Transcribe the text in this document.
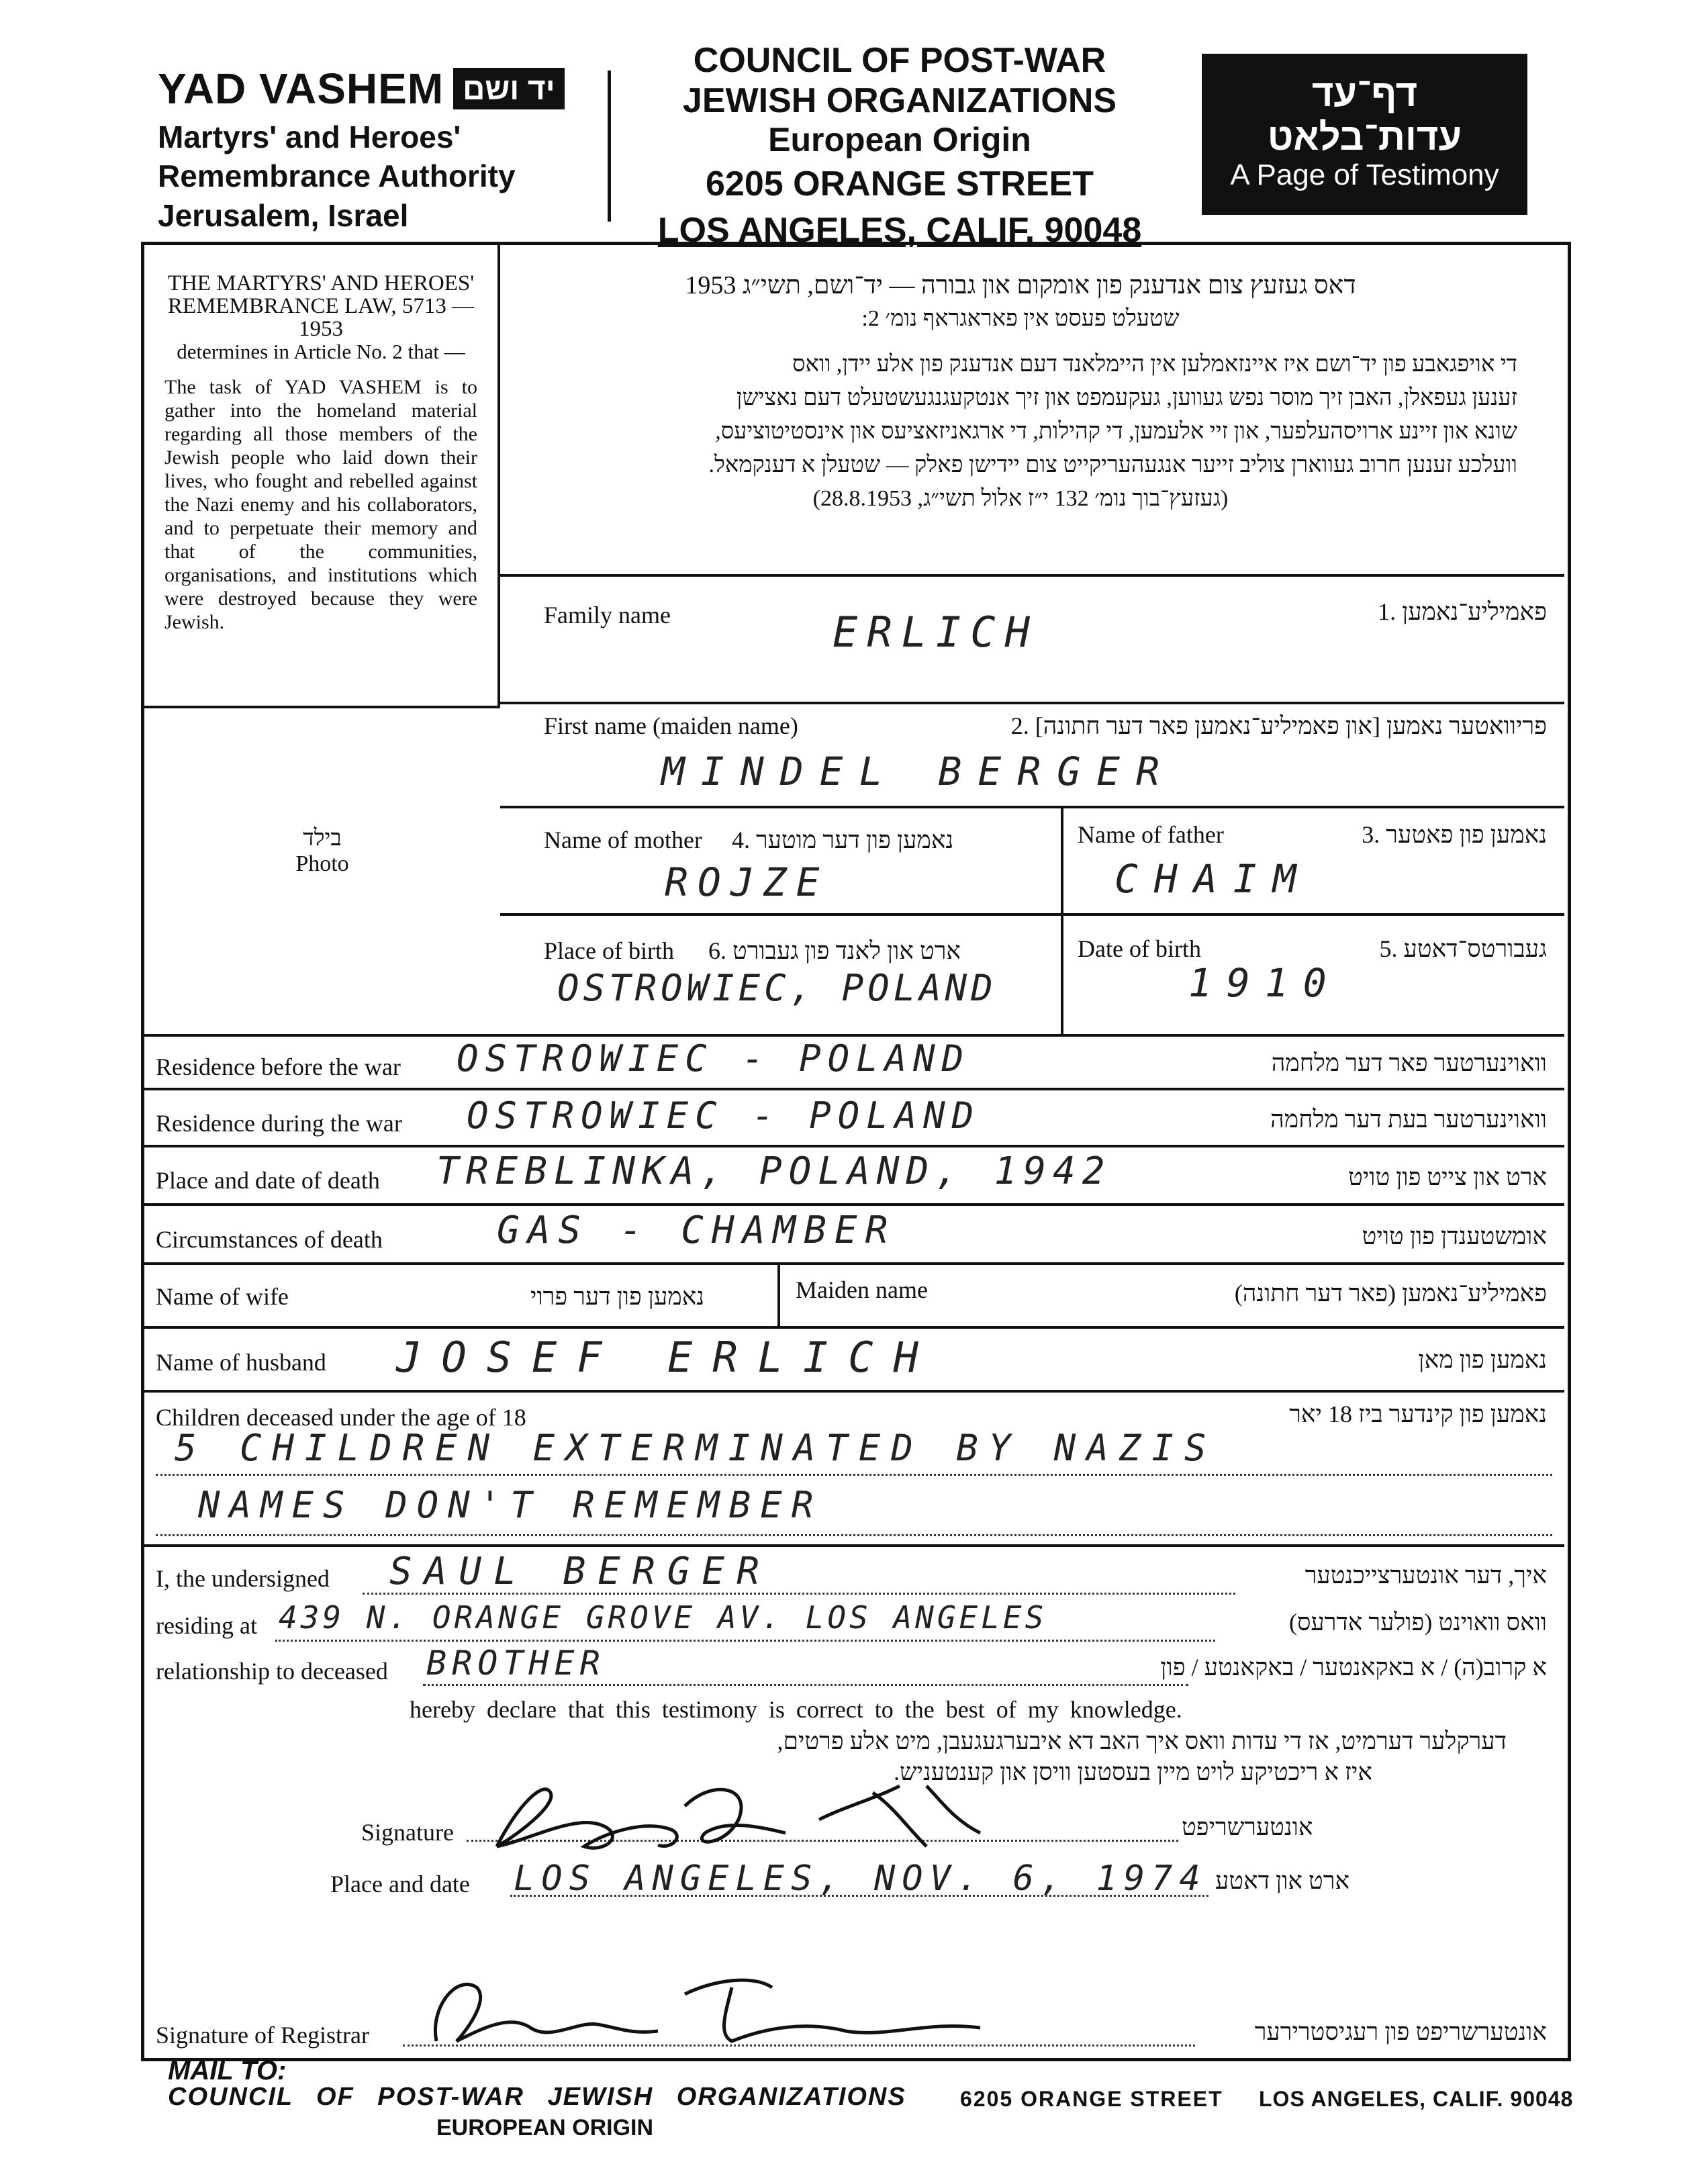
YAD VASHEM יד ושם
Martyrs' and Heroes'
Remembrance Authority
Jerusalem, Israel
COUNCIL OF POST-WAR
JEWISH ORGANIZATIONS
European Origin
6205 ORANGE STREET
LOS ANGELES, CALIF. 90048
דף־עד
עדות־בלאט
A Page of Testimony
THE MARTYRS' AND HEROES' REMEMBRANCE LAW, 5713 — 1953
determines in Article No. 2 that —
The task of YAD VASHEM is to gather into the homeland material regarding all those members of the Jewish people who laid down their lives, who fought and rebelled against the Nazi enemy and his collaborators, and to perpetuate their memory and that of the communities, organisations, and institutions which were destroyed because they were Jewish.
בילד
Photo
דאס געזעץ צום אנדענק פון אומקום און גבורה — יד־ושם, תשי״ג 1953
שטעלט פעסט אין פאראגראף נומ׳ 2:
די אויפגאבע פון יד־ושם איז איינזאמלען אין היימלאנד דעם אנדענק פון אלע יידן, וואס
זענען געפאלן, האבן זיך מוסר נפש געווען, געקעמפט און זיך אנטקעגנגעשטעלט דעם נאצישן
שונא און זיינע ארויסהעלפער, און זיי אלעמען, די קהילות, די ארגאניזאציעס און אינסטיטוציעס,
וועלכע זענען חרוב געווארן צוליב זייער אנגעהעריקייט צום יידישן פאלק — שטעלן א דענקמאל.
(געזעץ־בוך נומ׳ 132 י״ז אלול תשי״ג, 28.8.1953)
Family name	פאמיליע־נאמען .1
ERLICH
First name (maiden name)	פריוואטער נאמען [און פאמיליע־נאמען פאר דער חתונה] .2
MINDEL BERGER
Name of mother נאמען פון דער מוטער .4
ROJZE
Name of father	נאמען פון פאטער .3
CHAIM
Place of birth ארט און לאנד פון געבורט .6
OSTROWIEC, POLAND
Date of birth	געבורטס־דאטע .5
1910
Residence before the war	וואוינערטער פאר דער מלחמה
OSTROWIEC - POLAND
Residence during the war	וואוינערטער בעת דער מלחמה
OSTROWIEC - POLAND
Place and date of death	ארט און צייט פון טויט
TREBLINKA, POLAND, 1942
Circumstances of death	אומשטענדן פון טויט
GAS - CHAMBER
Name of wife	נאמען פון דער פרוי	Maiden name	פאמיליע־נאמען (פאר דער חתונה)
Name of husband	נאמען פון מאן
JOSEF ERLICH
Children deceased under the age of 18	נאמען פון קינדער ביז 18 יאר
5 CHILDREN EXTERMINATED BY NAZIS
NAMES DON'T REMEMBER
I, the undersigned	איך, דער אונטערצייכנטער
SAUL BERGER
residing at	וואס וואוינט (פולער אדרעס)
439 N. ORANGE GROVE AV. LOS ANGELES
relationship to deceased	א קרוב(ה) / א באקאנטער / באקאנטע / פון
BROTHER
hereby declare that this testimony is correct to the best of my knowledge.
דערקלער דערמיט, אז די עדות וואס איך האב דא איבערגעגעבן, מיט אלע פרטים,
איז א ריכטיקע לויט מיין בעסטען וויסן און קענטעניש.
Signature	אונטערשריפט
Place and date LOS ANGELES, NOV. 6, 1974 ארט און דאטע
Signature of Registrar	אונטערשריפט פון רעגיסטרירער
MAIL TO:
COUNCIL OF POST-WAR JEWISH ORGANIZATIONS	6205 ORANGE STREET LOS ANGELES, CALIF. 90048
EUROPEAN ORIGIN
